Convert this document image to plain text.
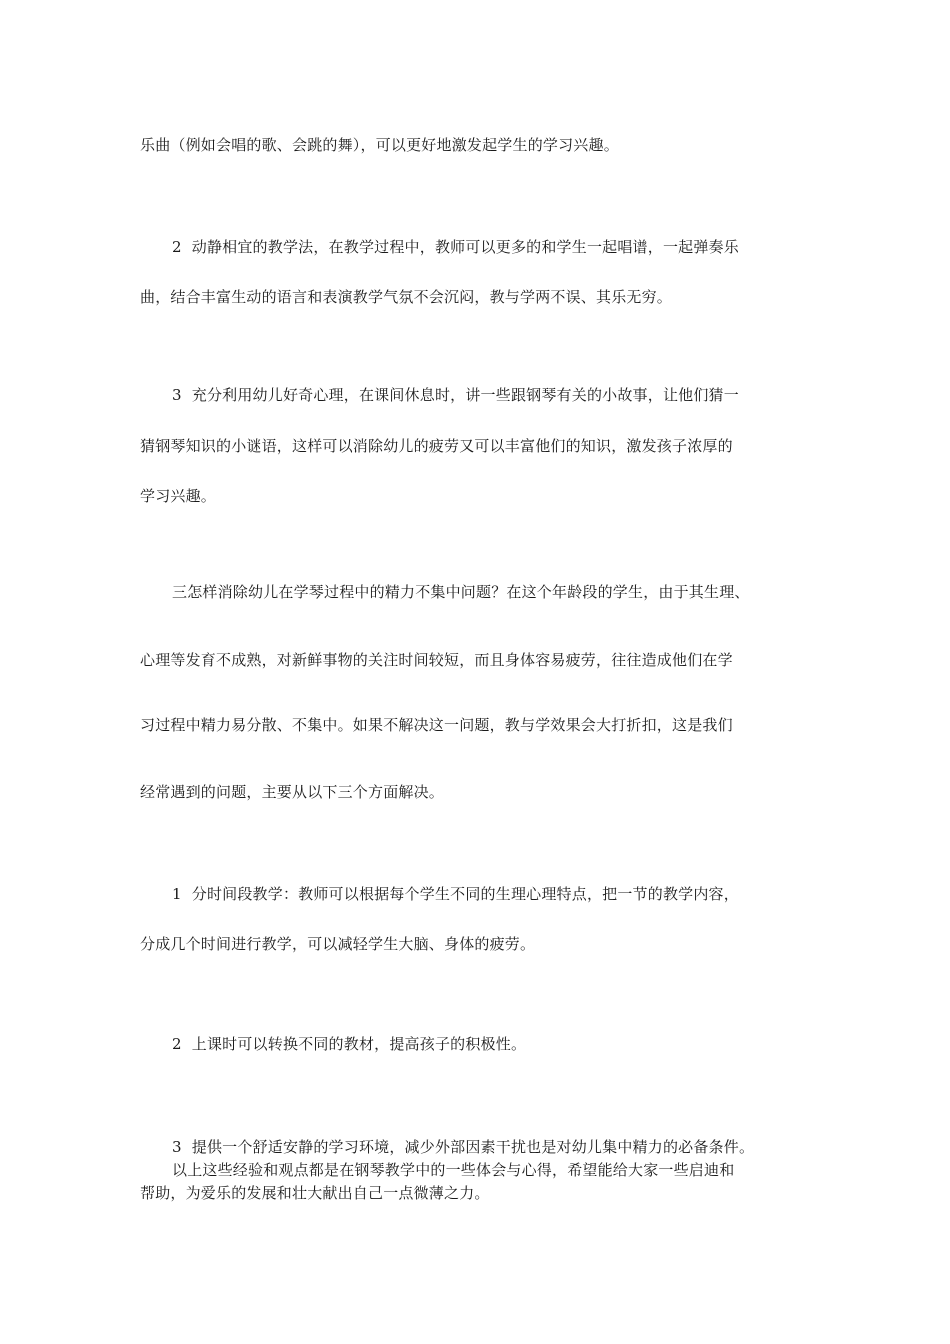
乐曲（例如会唱的歌、会跳的舞），可以更好地激发起学生的学习兴趣。
2 动静相宜的教学法，在教学过程中，教师可以更多的和学生一起唱谱，一起弹奏乐
曲，结合丰富生动的语言和表演教学气氛不会沉闷，教与学两不误、其乐无穷。
3 充分利用幼儿好奇心理，在课间休息时，讲一些跟钢琴有关的小故事，让他们猜一
猜钢琴知识的小谜语，这样可以消除幼儿的疲劳又可以丰富他们的知识，激发孩子浓厚的
学习兴趣。
三怎样消除幼儿在学琴过程中的精力不集中问题？在这个年龄段的学生，由于其生理、
心理等发育不成熟，对新鲜事物的关注时间较短，而且身体容易疲劳，往往造成他们在学
习过程中精力易分散、不集中。如果不解决这一问题，教与学效果会大打折扣，这是我们
经常遇到的问题，主要从以下三个方面解决。
1 分时间段教学：教师可以根据每个学生不同的生理心理特点，把一节的教学内容，
分成几个时间进行教学，可以减轻学生大脑、身体的疲劳。
2 上课时可以转换不同的教材，提高孩子的积极性。
3 提供一个舒适安静的学习环境，减少外部因素干扰也是对幼儿集中精力的必备条件。
以上这些经验和观点都是在钢琴教学中的一些体会与心得，希望能给大家一些启迪和
帮助，为爱乐的发展和壮大献出自己一点微薄之力。
